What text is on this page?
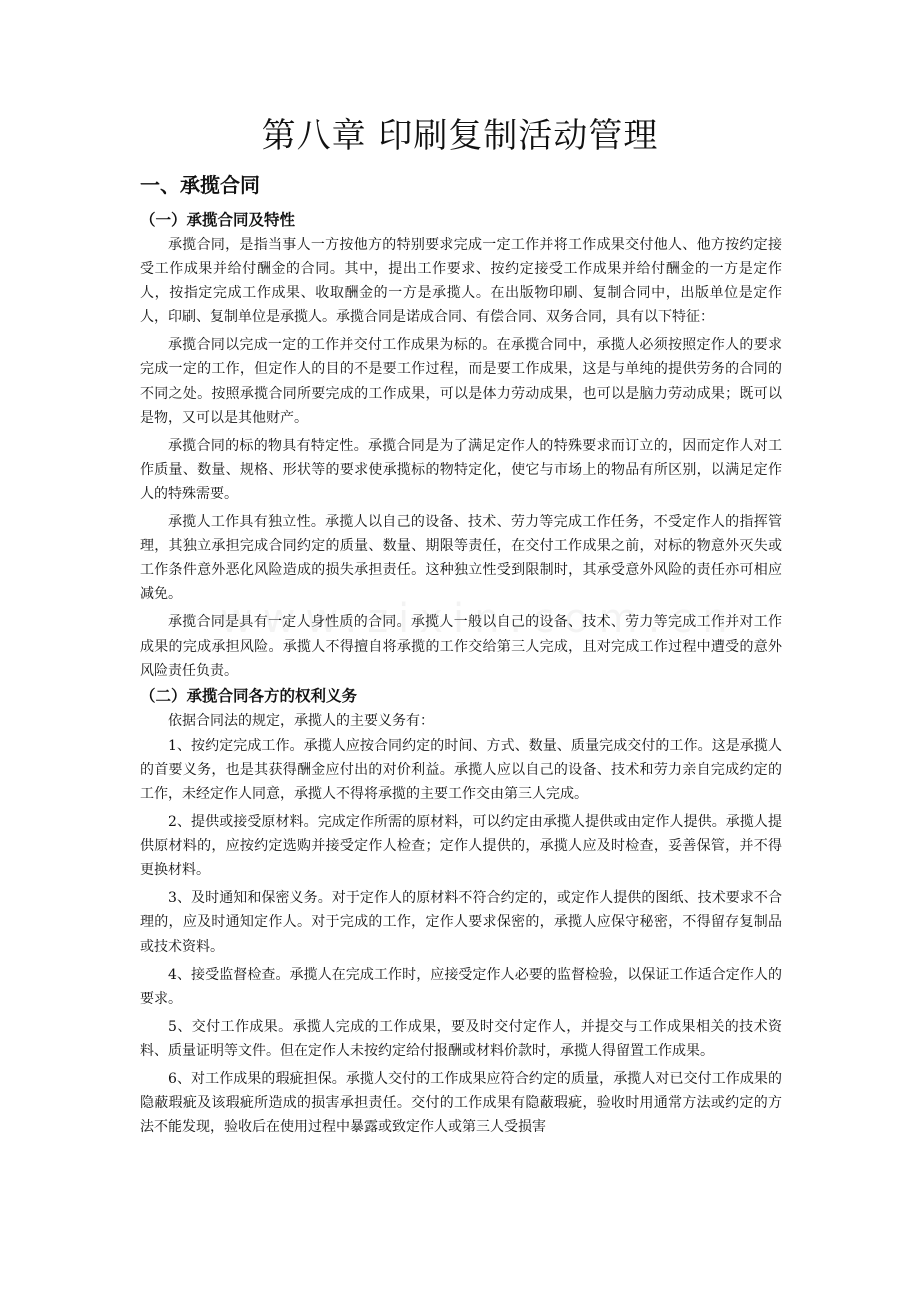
第八章 印刷复制活动管理
一、承揽合同
（一）承揽合同及特性

承揽合同，是指当事人一方按他方的特别要求完成一定工作并将工作成果交付他人、他方按约定接受工作成果并给付酬金的合同。其中，提出工作要求、按约定接受工作成果并给付酬金的一方是定作人，按指定完成工作成果、收取酬金的一方是承揽人。在出版物印刷、复制合同中，出版单位是定作人，印刷、复制单位是承揽人。承揽合同是诺成合同、有偿合同、双务合同，具有以下特征：

承揽合同以完成一定的工作并交付工作成果为标的。在承揽合同中，承揽人必须按照定作人的要求完成一定的工作，但定作人的目的不是要工作过程，而是要工作成果，这是与单纯的提供劳务的合同的不同之处。按照承揽合同所要完成的工作成果，可以是体力劳动成果，也可以是脑力劳动成果；既可以是物，又可以是其他财产。

承揽合同的标的物具有特定性。承揽合同是为了满足定作人的特殊要求而订立的，因而定作人对工作质量、数量、规格、形状等的要求使承揽标的物特定化，使它与市场上的物品有所区别，以满足定作人的特殊需要。

承揽人工作具有独立性。承揽人以自己的设备、技术、劳力等完成工作任务，不受定作人的指挥管理，其独立承担完成合同约定的质量、数量、期限等责任，在交付工作成果之前，对标的物意外灭失或工作条件意外恶化风险造成的损失承担责任。这种独立性受到限制时，其承受意外风险的责任亦可相应减免。

承揽合同是具有一定人身性质的合同。承揽人一般以自己的设备、技术、劳力等完成工作并对工作成果的完成承担风险。承揽人不得擅自将承揽的工作交给第三人完成，且对完成工作过程中遭受的意外风险责任负责。

（二）承揽合同各方的权利义务

依据合同法的规定，承揽人的主要义务有：

1、按约定完成工作。承揽人应按合同约定的时间、方式、数量、质量完成交付的工作。这是承揽人的首要义务，也是其获得酬金应付出的对价利益。承揽人应以自己的设备、技术和劳力亲自完成约定的工作，未经定作人同意，承揽人不得将承揽的主要工作交由第三人完成。

2、提供或接受原材料。完成定作所需的原材料，可以约定由承揽人提供或由定作人提供。承揽人提供原材料的，应按约定选购并接受定作人检查；定作人提供的，承揽人应及时检查，妥善保管，并不得更换材料。

3、及时通知和保密义务。对于定作人的原材料不符合约定的，或定作人提供的图纸、技术要求不合理的，应及时通知定作人。对于完成的工作，定作人要求保密的，承揽人应保守秘密，不得留存复制品或技术资料。

4、接受监督检查。承揽人在完成工作时，应接受定作人必要的监督检验，以保证工作适合定作人的要求。

5、交付工作成果。承揽人完成的工作成果，要及时交付定作人，并提交与工作成果相关的技术资料、质量证明等文件。但在定作人未按约定给付报酬或材料价款时，承揽人得留置工作成果。

6、对工作成果的瑕疵担保。承揽人交付的工作成果应符合约定的质量，承揽人对已交付工作成果的隐蔽瑕疵及该瑕疵所造成的损害承担责任。交付的工作成果有隐蔽瑕疵，验收时用通常方法或约定的方法不能发现，验收后在使用过程中暴露或致定作人或第三人受损害
